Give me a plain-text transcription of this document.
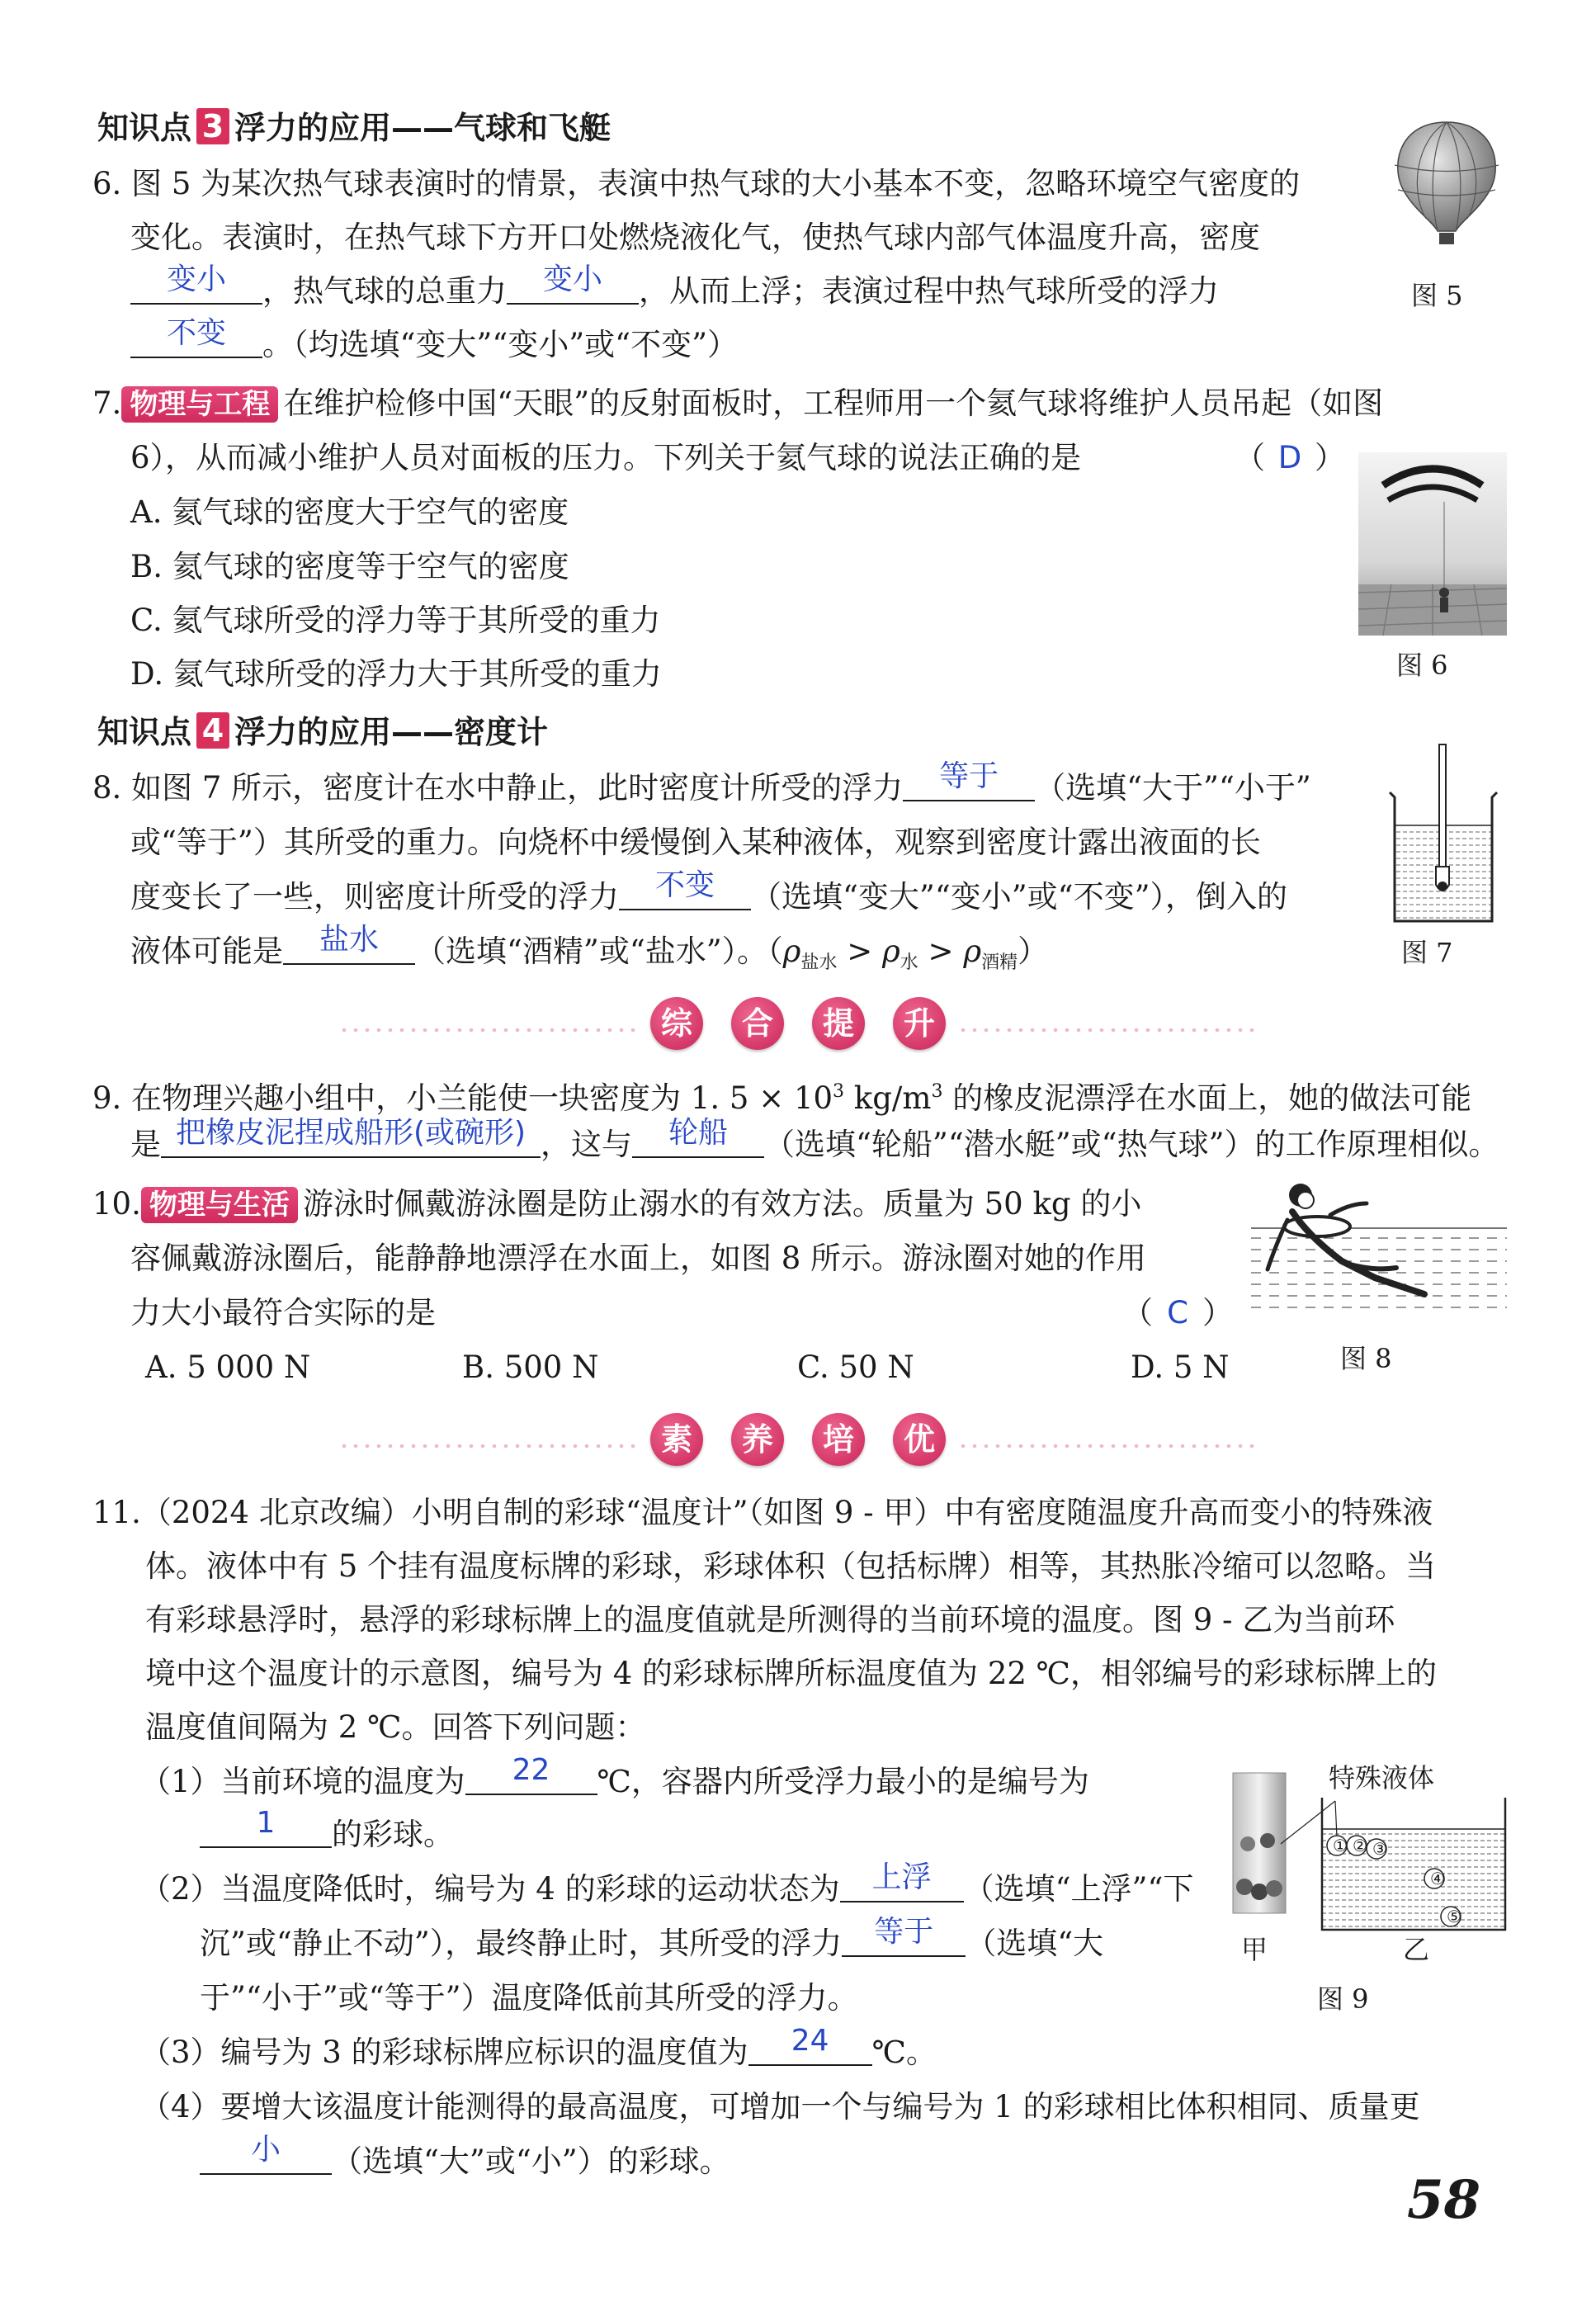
知识点 3 浮力的应用——气球和飞艇
6. 图 5 为某次热气球表演时的情景，表演中热气球的大小基本不变，忽略环境空气密度的
变化。表演时，在热气球下方开口处燃烧液化气，使热气球内部气体温度升高，密度
变小	，热气球的总重力	变小	，从而上浮；表演过程中热气球所受的浮力
不变	。（均选填“变大”“变小”或“不变”）
图 5
7. 物理与工程 在维护检修中国“天眼”的反射面板时，工程师用一个氦气球将维护人员吊起（如图
6），从而减小维护人员对面板的压力。下列关于氦气球的说法正确的是	（ D ）
A. 氦气球的密度大于空气的密度
B. 氦气球的密度等于空气的密度
C. 氦气球所受的浮力等于其所受的重力
D. 氦气球所受的浮力大于其所受的重力	图 6
知识点 4 浮力的应用——密度计
8. 如图 7 所示，密度计在水中静止，此时密度计所受的浮力	等于	（选填“大于”“小于”
或“等于”）其所受的重力。向烧杯中缓慢倒入某种液体，观察到密度计露出液面的长
度变长了一些，则密度计所受的浮力	不变	（选填“变大”“变小”或“不变”），倒入的
液体可能是	盐水	（选填“酒精”或“盐水”）。$(\rho_{盐水} > \rho_水 > \rho_{酒精})$	图 7
综 合 提 升
9. 在物理兴趣小组中，小兰能使一块密度为 1. $5 \times 10^3$ $kg/m^3$ 的橡皮泥漂浮在水面上，她的做法可能
是 把橡皮泥捏成船形(或碗形) ，这与	轮船	（选填“轮船”“潜水艇”或“热气球”）的工作原理相似。
10. 物理与生活 游泳时佩戴游泳圈是防止溺水的有效方法。质量为 50 kg 的小
容佩戴游泳圈后，能静静地漂浮在水面上，如图 8 所示。游泳圈对她的作用
力大小最符合实际的是	（ C ）
A. 5 000 N	B. 500 N	C. 50 N	D. 5 N	图 8
素 养 培 优
11.（2024 北京改编）小明自制的彩球“温度计”（如图 9 - 甲）中有密度随温度升高而变小的特殊液
体。液体中有 5 个挂有温度标牌的彩球，彩球体积（包括标牌）相等，其热胀冷缩可以忽略。当
有彩球悬浮时，悬浮的彩球标牌上的温度值就是所测得的当前环境的温度。图 9 - 乙为当前环
境中这个温度计的示意图，编号为 4 的彩球标牌所标温度值为 22 ℃，相邻编号的彩球标牌上的
温度值间隔为 2 ℃。回答下列问题：
（1）当前环境的温度为	22	℃，容器内所受浮力最小的是编号为
1	的彩球。
（2）当温度降低时，编号为 4 的彩球的运动状态为	上浮	（选填“上浮”“下
沉”或“静止不动”），最终静止时，其所受的浮力	等于	（选填“大
于”“小于”或“等于”）温度降低前其所受的浮力。
（3）编号为 3 的彩球标牌应标识的温度值为	24	℃。
（4）要增大该温度计能测得的最高温度，可增加一个与编号为 1 的彩球相比体积相同、质量更
小	（选填“大”或“小”）的彩球。
① ② ③
④
⑤
特殊液体
甲	乙
图 9
58
